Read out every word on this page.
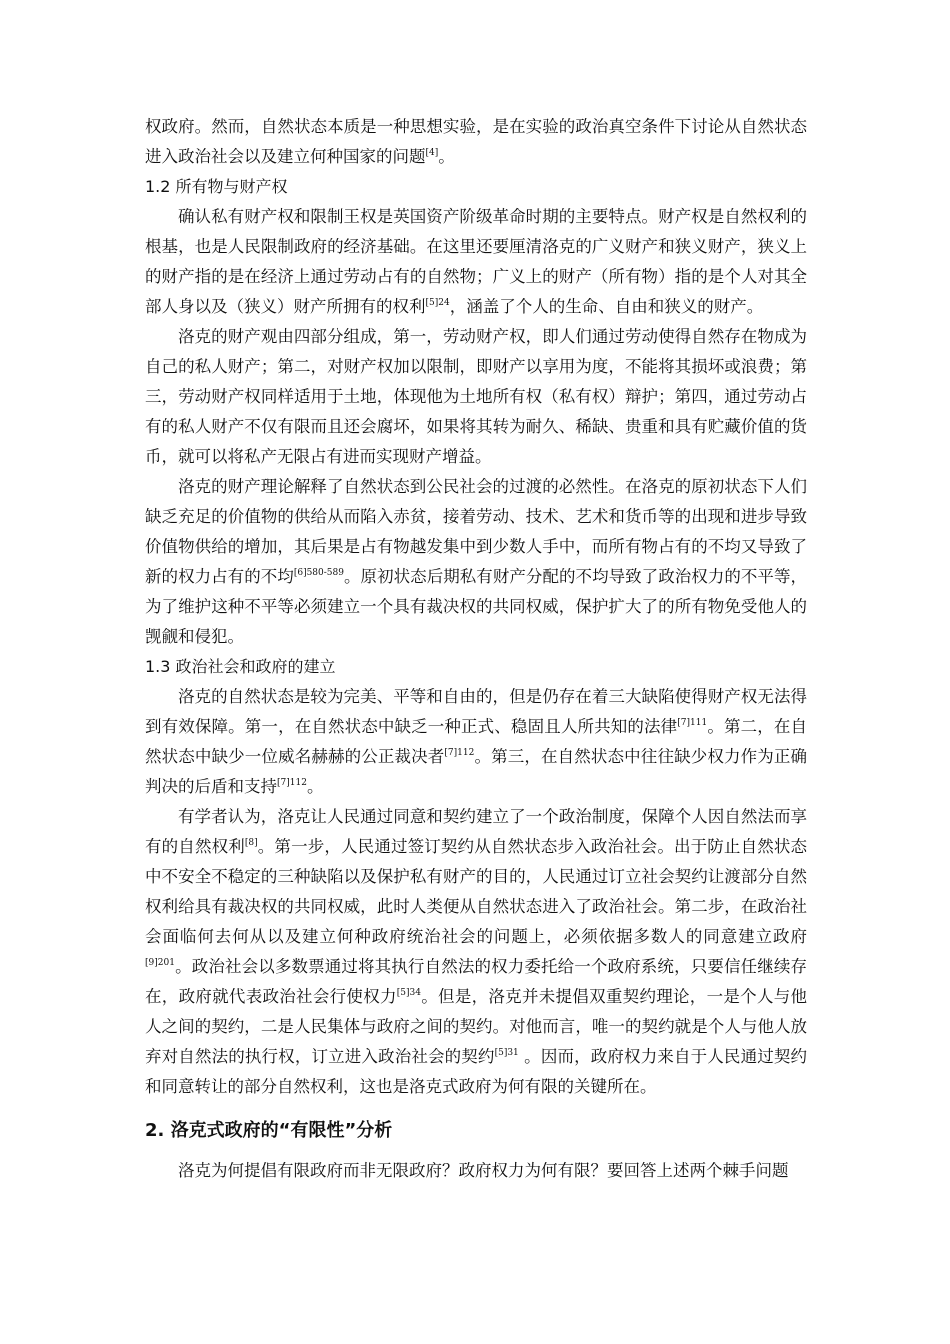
权政府。然而，自然状态本质是一种思想实验，是在实验的政治真空条件下讨论从自然状态进入政治社会以及建立何种国家的问题[4]。

1.2 所有物与财产权

确认私有财产权和限制王权是英国资产阶级革命时期的主要特点。财产权是自然权利的根基，也是人民限制政府的经济基础。在这里还要厘清洛克的广义财产和狭义财产，狭义上的财产指的是在经济上通过劳动占有的自然物；广义上的财产（所有物）指的是个人对其全部人身以及（狭义）财产所拥有的权利$^{[5]24}$，涵盖了个人的生命、自由和狭义的财产。

洛克的财产观由四部分组成，第一，劳动财产权，即人们通过劳动使得自然存在物成为自己的私人财产；第二，对财产权加以限制，即财产以享用为度，不能将其损坏或浪费；第三，劳动财产权同样适用于土地，体现他为土地所有权（私有权）辩护；第四，通过劳动占有的私人财产不仅有限而且还会腐坏，如果将其转为耐久、稀缺、贵重和具有贮藏价值的货币，就可以将私产无限占有进而实现财产增益。

洛克的财产理论解释了自然状态到公民社会的过渡的必然性。在洛克的原初状态下人们缺乏充足的价值物的供给从而陷入赤贫，接着劳动、技术、艺术和货币等的出现和进步导致价值物供给的增加，其后果是占有物越发集中到少数人手中，而所有物占有的不均又导致了新的权力占有的不均$^{[6]580-589}$。原初状态后期私有财产分配的不均导致了政治权力的不平等，为了维护这种不平等必须建立一个具有裁决权的共同权威，保护扩大了的所有物免受他人的觊觎和侵犯。

1.3 政治社会和政府的建立

洛克的自然状态是较为完美、平等和自由的，但是仍存在着三大缺陷使得财产权无法得到有效保障。第一，在自然状态中缺乏一种正式、稳固且人所共知的法律$^{[7]111}$。第二，在自然状态中缺少一位威名赫赫的公正裁决者$^{[7]112}$。第三，在自然状态中往往缺少权力作为正确判决的后盾和支持$^{[7]112}$。

有学者认为，洛克让人民通过同意和契约建立了一个政治制度，保障个人因自然法而享有的自然权利[8]。第一步，人民通过签订契约从自然状态步入政治社会。出于防止自然状态中不安全不稳定的三种缺陷以及保护私有财产的目的，人民通过订立社会契约让渡部分自然权利给具有裁决权的共同权威，此时人类便从自然状态进入了政治社会。第二步，在政治社会面临何去何从以及建立何种政府统治社会的问题上，必须依据多数人的同意建立政府$^{[9]201}$。政治社会以多数票通过将其执行自然法的权力委托给一个政府系统，只要信任继续存在，政府就代表政治社会行使权力$^{[5]34}$。但是，洛克并未提倡双重契约理论，一是个人与他人之间的契约，二是人民集体与政府之间的契约。对他而言，唯一的契约就是个人与他人放弃对自然法的执行权，订立进入政治社会的契约$^{[5]31}$ 。因而，政府权力来自于人民通过契约和同意转让的部分自然权利，这也是洛克式政府为何有限的关键所在。

2. 洛克式政府的“有限性”分析

洛克为何提倡有限政府而非无限政府？政府权力为何有限？要回答上述两个棘手问题
